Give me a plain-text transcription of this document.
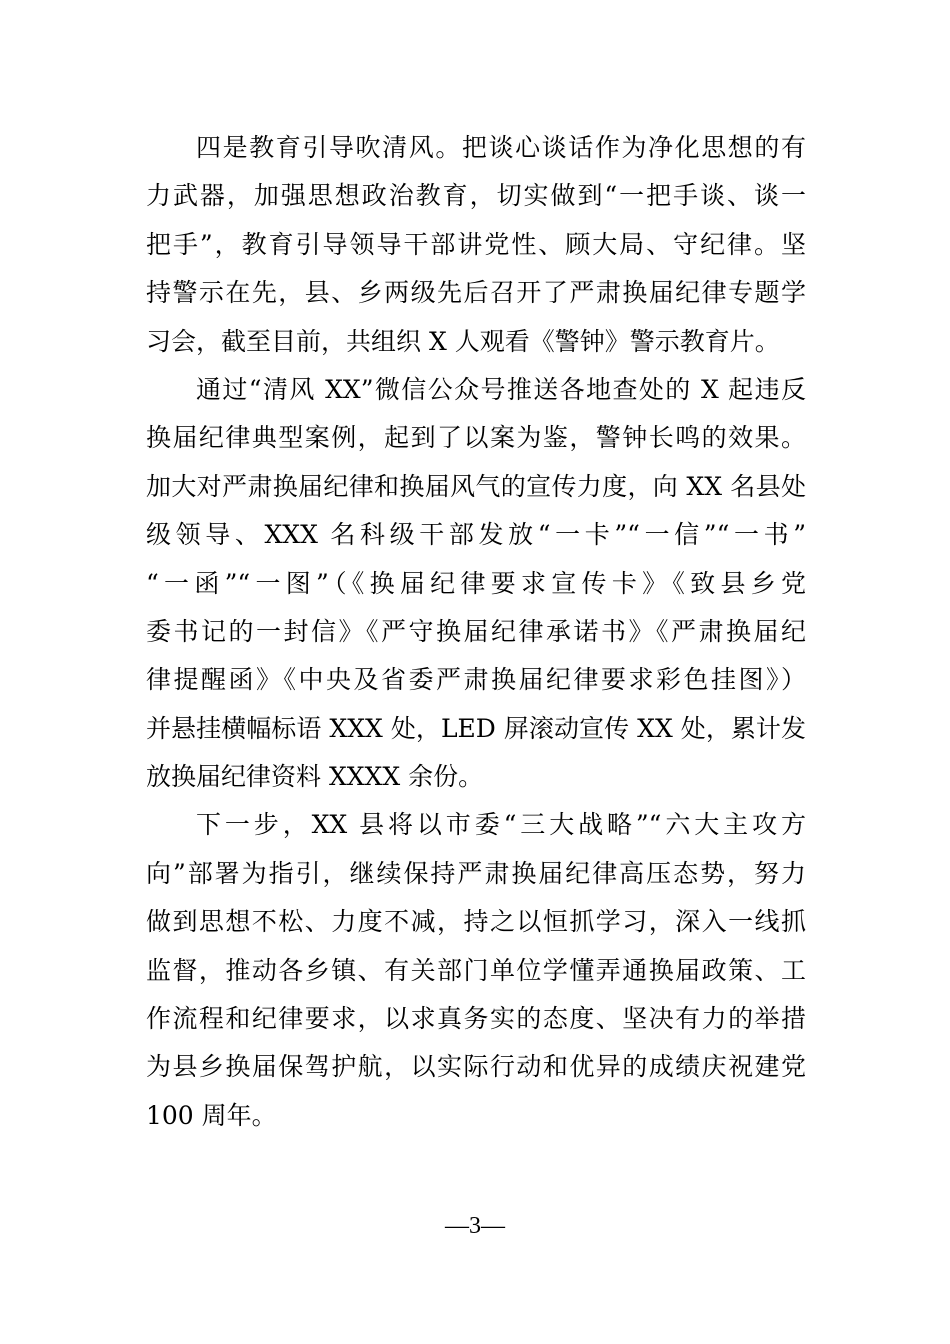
四是教育引导吹清风。把谈心谈话作为净化思想的有
力武器，加强思想政治教育，切实做到“一把手谈、谈一
把手”，教育引导领导干部讲党性、顾大局、守纪律。坚
持警示在先，县、乡两级先后召开了严肃换届纪律专题学
习会，截至目前，共组织 X 人观看《警钟》警示教育片。
通过“清风 XX”微信公众号推送各地查处的 X 起违反
换届纪律典型案例，起到了以案为鉴，警钟长鸣的效果。
加大对严肃换届纪律和换届风气的宣传力度，向 XX 名县处
级领导、XXX 名科级干部发放“一卡”“一信”“一书”
“一函”“一图”（《换届纪律要求宣传卡》《致县乡党
委书记的一封信》《严守换届纪律承诺书》《严肃换届纪
律提醒函》《中央及省委严肃换届纪律要求彩色挂图》）
并悬挂横幅标语 XXX 处，LED 屏滚动宣传 XX 处，累计发
放换届纪律资料 XXXX 余份。
下一步，XX 县将以市委“三大战略”“六大主攻方
向”部署为指引，继续保持严肃换届纪律高压态势，努力
做到思想不松、力度不减，持之以恒抓学习，深入一线抓
监督，推动各乡镇、有关部门单位学懂弄通换届政策、工
作流程和纪律要求，以求真务实的态度、坚决有力的举措
为县乡换届保驾护航，以实际行动和优异的成绩庆祝建党
100 周年。
—3—
